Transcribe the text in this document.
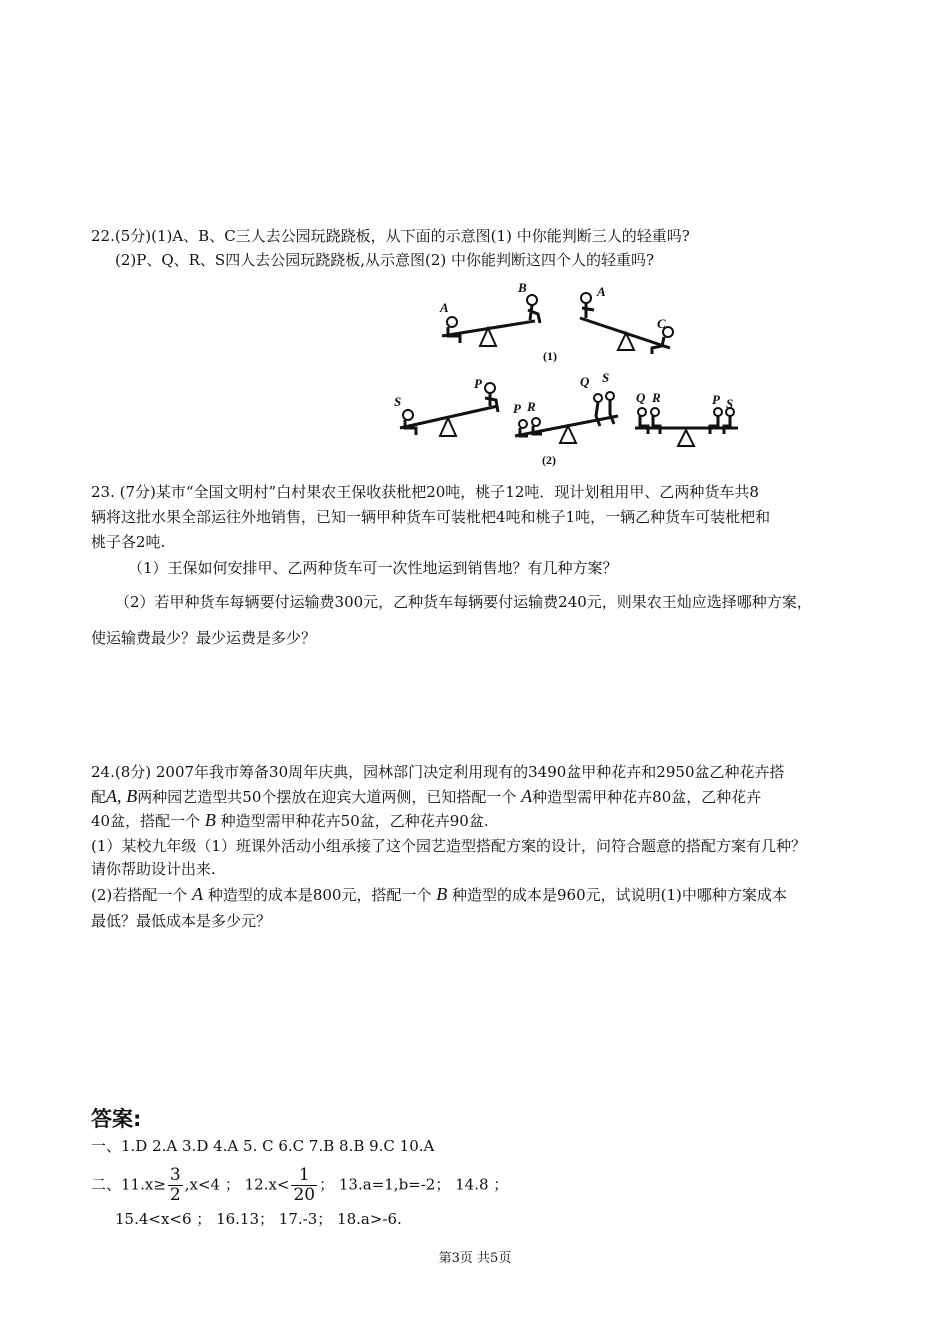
22.(5分)(1)A、B、C三人去公园玩跷跷板，从下面的示意图(1) 中你能判断三人的轻重吗?
(2)P、Q、R、S四人去公园玩跷跷板,从示意图(2) 中你能判断这四个人的轻重吗?
A
B	A
C
(1)
S
P
P R
Q S
Q R	P S
(2)
23. (7分)某市“全国文明村”白村果农王保收获枇杷20吨，桃子12吨．现计划租用甲、乙两种货车共8
辆将这批水果全部运往外地销售，已知一辆甲种货车可装枇杷4吨和桃子1吨，一辆乙种货车可装枇杷和
桃子各2吨.
（1）王保如何安排甲、乙两种货车可一次性地运到销售地？有几种方案？
（2）若甲种货车每辆要付运输费300元，乙种货车每辆要付运输费240元，则果农王灿应选择哪种方案，
使运输费最少？最少运费是多少？
24.(8分) 2007年我市筹备30周年庆典，园林部门决定利用现有的3490盆甲种花卉和2950盆乙种花卉搭
配A, B两种园艺造型共50个摆放在迎宾大道两侧，已知搭配一个 A种造型需甲种花卉80盆，乙种花卉
40盆，搭配一个 B 种造型需甲种花卉50盆，乙种花卉90盆.
(1）某校九年级（1）班课外活动小组承接了这个园艺造型搭配方案的设计，问符合题意的搭配方案有几种？
请你帮助设计出来.
(2)若搭配一个 A 种造型的成本是800元，搭配一个 B 种造型的成本是960元，试说明(1)中哪种方案成本
最低？最低成本是多少元？
答案:
一、1.D 2.A 3.D 4.A 5. C 6.C 7.B 8.B 9.C 10.A
二、$11.x\ge \frac{3}{2} ,x<4$ ； $12.x< \frac{1}{20}$ ； 13.a=1,b=-2； 14.8 ；
15.4<x<6 ； 16.13； 17.-3； 18.a>-6.
第3页 共5页
